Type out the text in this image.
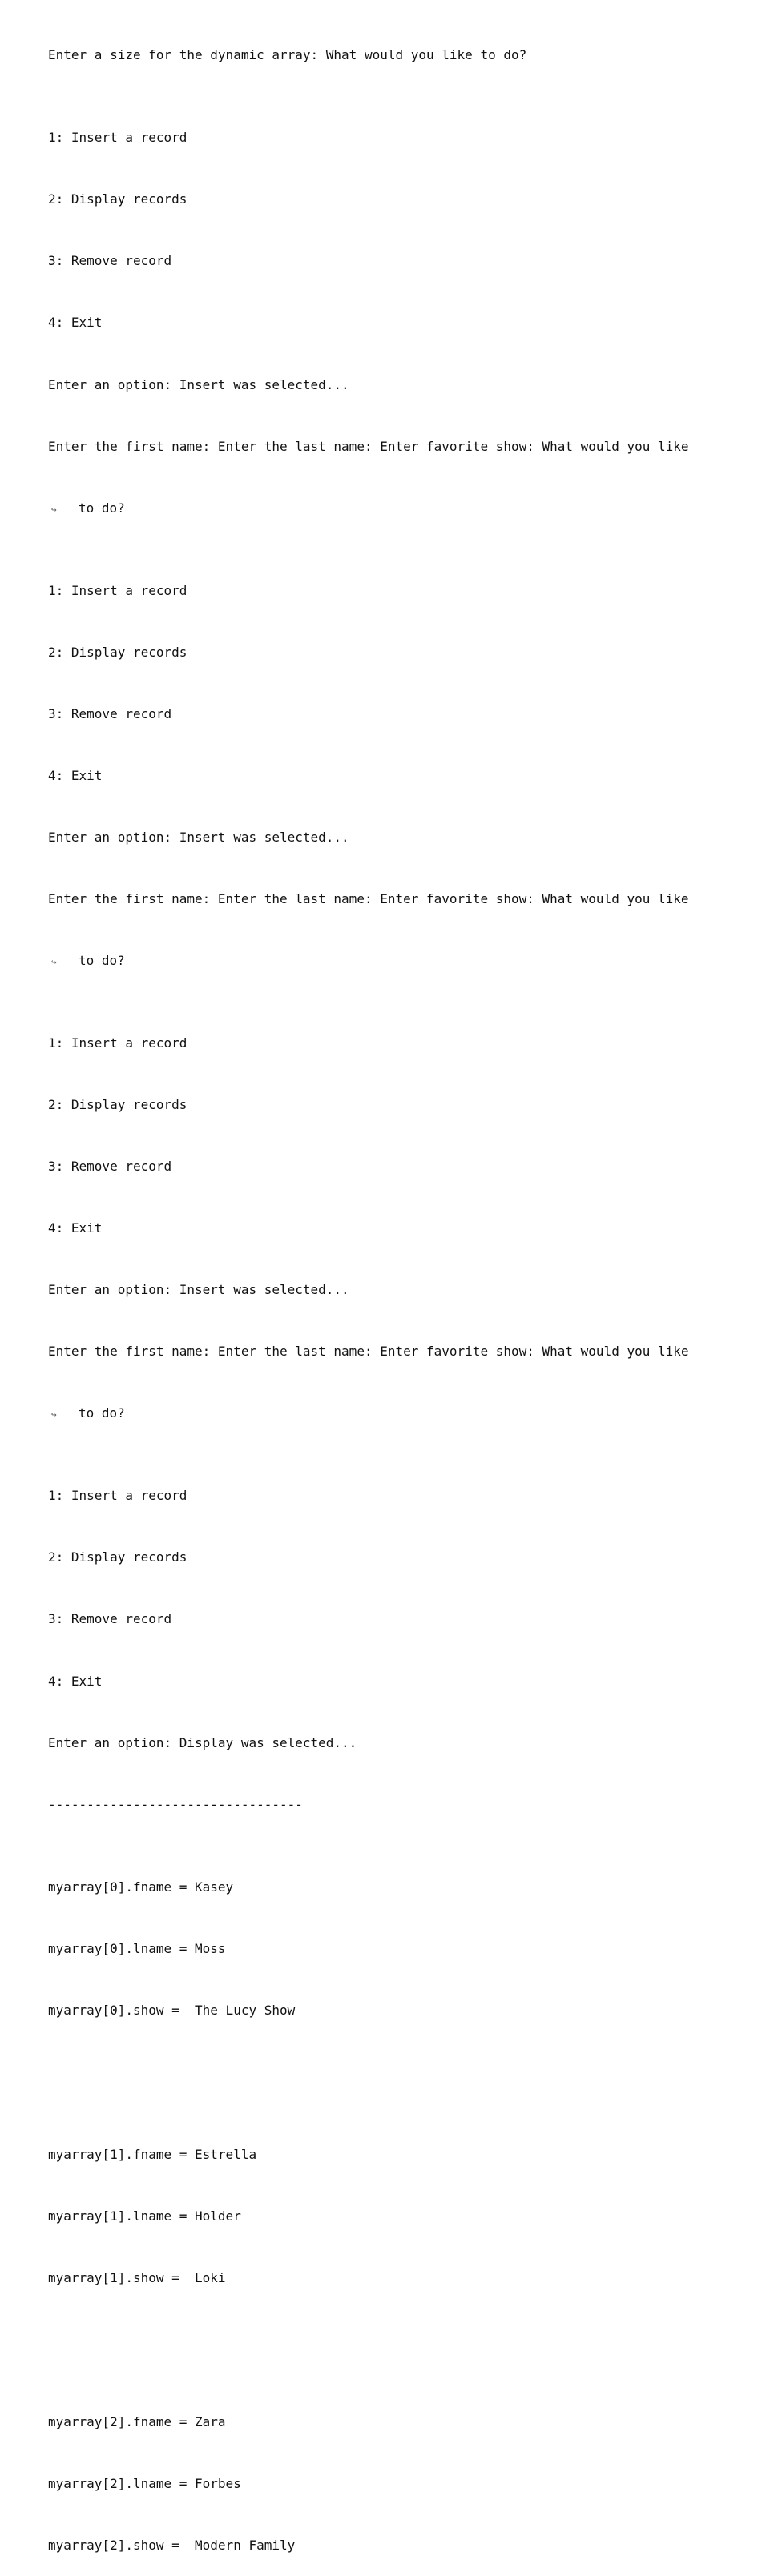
Enter a size for the dynamic array: What would you like to do?

1: Insert a record

2: Display records

3: Remove record

4: Exit

Enter an option: Insert was selected...

Enter the first name: Enter the last name: Enter favorite show: What would you like

↪ to do?

1: Insert a record

2: Display records

3: Remove record

4: Exit

Enter an option: Insert was selected...

Enter the first name: Enter the last name: Enter favorite show: What would you like

↪ to do?

1: Insert a record

2: Display records

3: Remove record

4: Exit

Enter an option: Insert was selected...

Enter the first name: Enter the last name: Enter favorite show: What would you like

↪ to do?

1: Insert a record

2: Display records

3: Remove record

4: Exit

Enter an option: Display was selected...

---------------------------------

myarray[0].fname = Kasey

myarray[0].lname = Moss

myarray[0].show =  The Lucy Show

myarray[1].fname = Estrella

myarray[1].lname = Holder

myarray[1].show =  Loki

myarray[2].fname = Zara

myarray[2].lname = Forbes

myarray[2].show =  Modern Family
